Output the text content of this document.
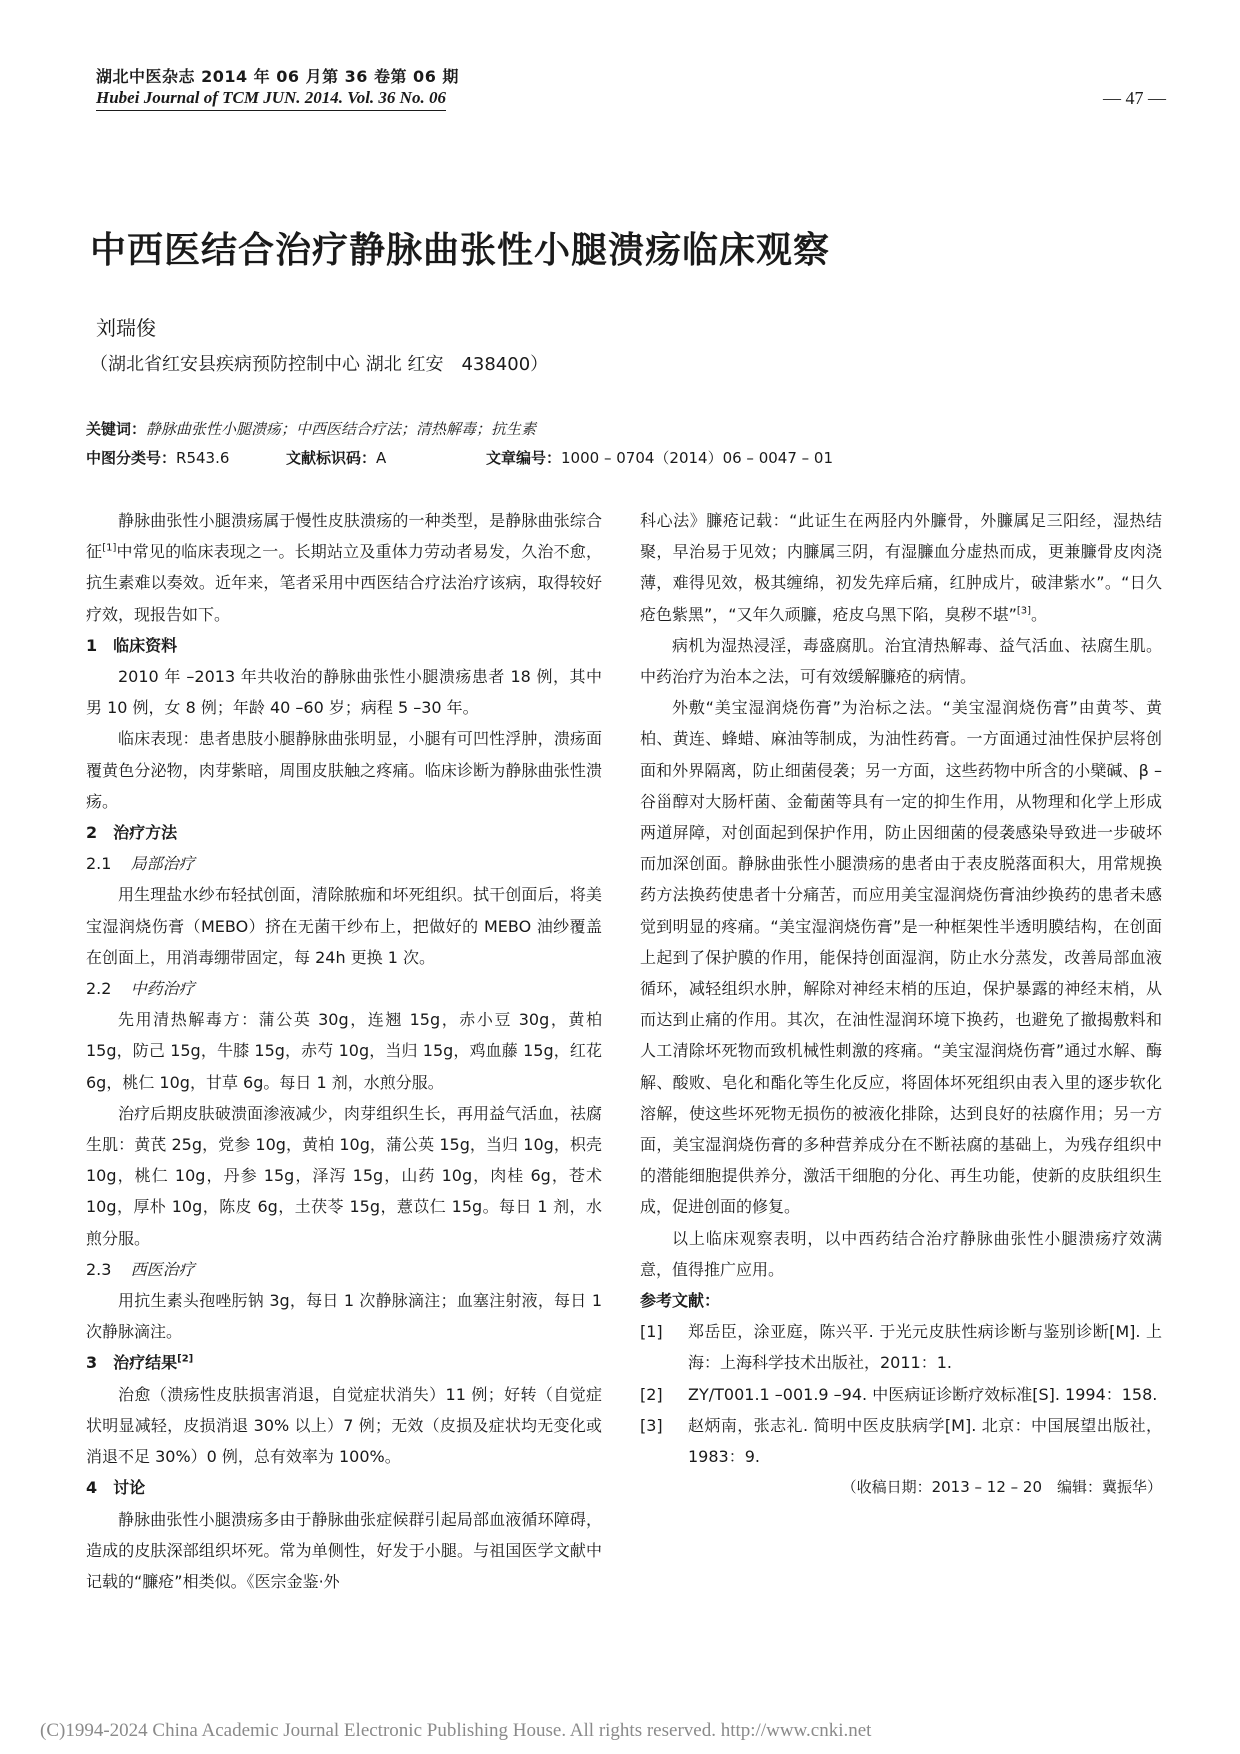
湖北中医杂志 2014 年 06 月第 36 卷第 06 期
Hubei Journal of TCM JUN. 2014. Vol. 36 No. 06	— 47 —
中西医结合治疗静脉曲张性小腿溃疡临床观察
刘瑞俊
（湖北省红安县疾病预防控制中心 湖北 红安　438400）
关键词：静脉曲张性小腿溃疡；中西医结合疗法；清热解毒；抗生素
中图分类号：R543.6	文献标识码：A	文章编号：1000 – 0704（2014）06 – 0047 – 01

静脉曲张性小腿溃疡属于慢性皮肤溃疡的一种类型，是静脉曲张综合征[1]中常见的临床表现之一。长期站立及重体力劳动者易发，久治不愈，抗生素难以奏效。近年来，笔者采用中西医结合疗法治疗该病，取得较好疗效，现报告如下。

1　临床资料

2010 年 –2013 年共收治的静脉曲张性小腿溃疡患者 18 例，其中男 10 例，女 8 例；年龄 40 –60 岁；病程 5 –30 年。

临床表现：患者患肢小腿静脉曲张明显，小腿有可凹性浮肿，溃疡面覆黄色分泌物，肉芽紫暗，周围皮肤触之疼痛。临床诊断为静脉曲张性溃疡。

2　治疗方法

2.1 局部治疗

用生理盐水纱布轻拭创面，清除脓痂和坏死组织。拭干创面后，将美宝湿润烧伤膏（MEBO）挤在无菌干纱布上，把做好的 MEBO 油纱覆盖在创面上，用消毒绷带固定，每 24h 更换 1 次。

2.2 中药治疗

先用清热解毒方：蒲公英 30g，连翘 15g，赤小豆 30g，黄柏 15g，防己 15g，牛膝 15g，赤芍 10g，当归 15g，鸡血藤 15g，红花 6g，桃仁 10g，甘草 6g。每日 1 剂，水煎分服。

治疗后期皮肤破溃面渗液减少，肉芽组织生长，再用益气活血，祛腐生肌：黄芪 25g，党参 10g，黄柏 10g，蒲公英 15g，当归 10g，枳壳 10g，桃仁 10g，丹参 15g，泽泻 15g，山药 10g，肉桂 6g，苍术 10g，厚朴 10g，陈皮 6g，土茯苓 15g，薏苡仁 15g。每日 1 剂，水煎分服。

2.3 西医治疗

用抗生素头孢唑肟钠 3g，每日 1 次静脉滴注；血塞注射液，每日 1 次静脉滴注。

3　治疗结果[2]

治愈（溃疡性皮肤损害消退，自觉症状消失）11 例；好转（自觉症状明显减轻，皮损消退 30% 以上）7 例；无效（皮损及症状均无变化或消退不足 30%）0 例，总有效率为 100%。

4　讨论

静脉曲张性小腿溃疡多由于静脉曲张症候群引起局部血液循环障碍，造成的皮肤深部组织坏死。常为单侧性，好发于小腿。与祖国医学文献中记载的“臁疮”相类似。《医宗金鉴·外

科心法》臁疮记载：“此证生在两胫内外臁骨，外臁属足三阳经，湿热结聚，早治易于见效；内臁属三阴，有湿臁血分虚热而成，更兼臁骨皮肉浇薄，难得见效，极其缠绵，初发先痒后痛，红肿成片，破津紫水”。“日久疮色紫黑”，“又年久顽臁，疮皮乌黑下陷，臭秽不堪”[3]。

病机为湿热浸淫，毒盛腐肌。治宜清热解毒、益气活血、祛腐生肌。中药治疗为治本之法，可有效缓解臁疮的病情。

外敷“美宝湿润烧伤膏”为治标之法。“美宝湿润烧伤膏”由黄芩、黄柏、黄连、蜂蜡、麻油等制成，为油性药膏。一方面通过油性保护层将创面和外界隔离，防止细菌侵袭；另一方面，这些药物中所含的小檗碱、β – 谷甾醇对大肠杆菌、金葡菌等具有一定的抑生作用，从物理和化学上形成两道屏障，对创面起到保护作用，防止因细菌的侵袭感染导致进一步破坏而加深创面。静脉曲张性小腿溃疡的患者由于表皮脱落面积大，用常规换药方法换药使患者十分痛苦，而应用美宝湿润烧伤膏油纱换药的患者未感觉到明显的疼痛。“美宝湿润烧伤膏”是一种框架性半透明膜结构，在创面上起到了保护膜的作用，能保持创面湿润，防止水分蒸发，改善局部血液循环，减轻组织水肿，解除对神经末梢的压迫，保护暴露的神经末梢，从而达到止痛的作用。其次，在油性湿润环境下换药，也避免了撤揭敷料和人工清除坏死物而致机械性刺激的疼痛。“美宝湿润烧伤膏”通过水解、酶解、酸败、皂化和酯化等生化反应，将固体坏死组织由表入里的逐步软化溶解，使这些坏死物无损伤的被液化排除，达到良好的祛腐作用；另一方面，美宝湿润烧伤膏的多种营养成分在不断祛腐的基础上，为残存组织中的潜能细胞提供养分，激活干细胞的分化、再生功能，使新的皮肤组织生成，促进创面的修复。

以上临床观察表明，以中西药结合治疗静脉曲张性小腿溃疡疗效满意，值得推广应用。

参考文献：

[1] 郑岳臣，涂亚庭，陈兴平. 于光元皮肤性病诊断与鉴别诊断[M]. 上海：上海科学技术出版社，2011：1.

[2] ZY/T001.1 –001.9 –94. 中医病证诊断疗效标准[S]. 1994：158.

[3] 赵炳南，张志礼. 简明中医皮肤病学[M]. 北京：中国展望出版社，1983：9.

（收稿日期：2013 – 12 – 20　编辑：冀振华）

(C)1994-2024 China Academic Journal Electronic Publishing House. All rights reserved. http://www.cnki.net
